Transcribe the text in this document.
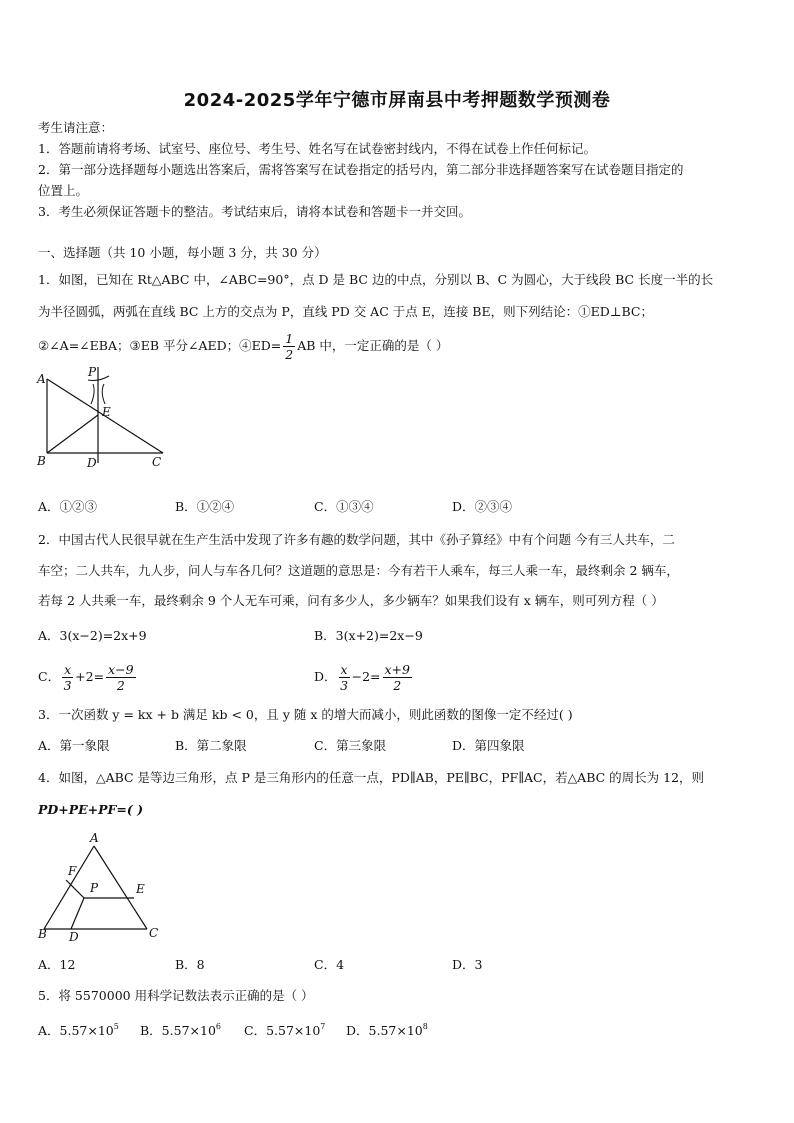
2024-2025学年宁德市屏南县中考押题数学预测卷
考生请注意：
1．答题前请将考场、试室号、座位号、考生号、姓名写在试卷密封线内，不得在试卷上作任何标记。
2．第一部分选择题每小题选出答案后，需将答案写在试卷指定的括号内，第二部分非选择题答案写在试卷题目指定的
位置上。
3．考生必须保证答题卡的整洁。考试结束后，请将本试卷和答题卡一并交回。
一、选择题（共 10 小题，每小题 3 分，共 30 分）
1．如图，已知在 Rt△ABC 中，∠ABC=90°，点 D 是 BC 边的中点，分别以 B、C 为圆心，大于线段 BC 长度一半的长
为半径圆弧，两弧在直线 BC 上方的交点为 P，直线 PD 交 AC 于点 E，连接 BE，则下列结论：①ED⊥BC；
②∠A=∠EBA；③EB 平分∠AED；④ED= $\frac{1}{2}$ AB 中，一定正确的是（ ）
A	P
E
B	D	C
A．①②③	B．①②④	C．①③④	D．②③④
2．中国古代人民很早就在生产生活中发现了许多有趣的数学问题，其中《孙子算经》中有个问题 今有三人共车，二
车空；二人共车，九人步，问人与车各几何？这道题的意思是：今有若干人乘车，每三人乘一车，最终剩余 2 辆车，
若每 2 人共乘一车，最终剩余 9 个人无车可乘，问有多少人，多少辆车？如果我们设有 x 辆车，则可列方程（ ）
A．3(x−2)=2x+9	B．3(x+2)=2x−9
C． $\frac{x}{3} +2= \frac{x-9}{2}$	D． $\frac{x}{3} -2= \frac{x+9}{2}$
3．一次函数 y = kx + b 满足 kb < 0，且 y 随 x 的增大而减小，则此函数的图像一定不经过( )
A．第一象限	B．第二象限	C．第三象限	D．第四象限
4．如图，△ABC 是等边三角形，点 P 是三角形内的任意一点，PD∥AB，PE∥BC，PF∥AC，若△ABC 的周长为 12，则
PD+PE+PF=( )
A
F
P	E
B D	C
A．12	B．8	C．4	D．3
5．将 5570000 用科学记数法表示正确的是（ ）
A．$5.57\times 10^5$ B．$5.57\times 10^6$ C．$5.57\times 10^7$ D．$5.57\times 10^8$
